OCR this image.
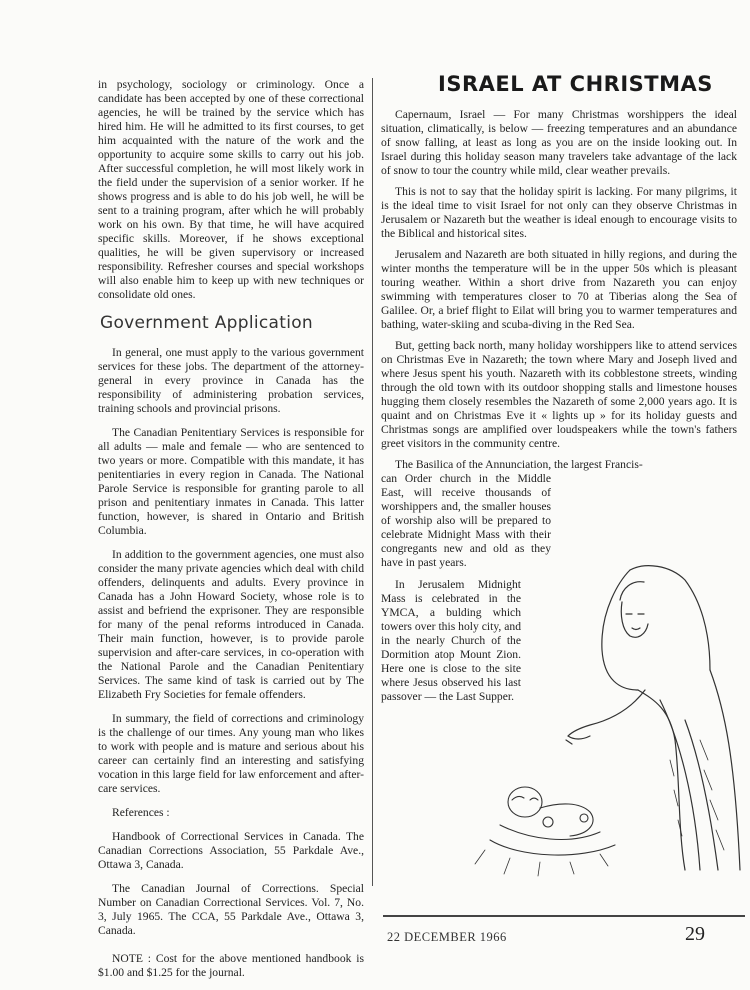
in psychology, sociology or criminology. Once a candidate has been accepted by one of these correctional agencies, he will be trained by the service which has hired him. He will he admitted to its first courses, to get him acquainted with the nature of the work and the opportunity to acquire some skills to carry out his job. After successful completion, he will most likely work in the field under the supervision of a senior worker. If he shows progress and is able to do his job well, he will be sent to a training program, after which he will probably work on his own. By that time, he will have acquired specific skills. Moreover, if he shows exceptional qualities, he will be given supervisory or increased responsibility. Refresher courses and special workshops will also enable him to keep up with new techniques or consolidate old ones.

Government Application

In general, one must apply to the various government services for these jobs. The department of the attorney-general in every province in Canada has the responsibility of administering probation services, training schools and provincial prisons.

The Canadian Penitentiary Services is responsible for all adults — male and female — who are sentenced to two years or more. Compatible with this mandate, it has penitentiaries in every region in Canada. The National Parole Service is responsible for granting parole to all prison and penitentiary inmates in Canada. This latter function, however, is shared in Ontario and British Columbia.

In addition to the government agencies, one must also consider the many private agencies which deal with child offenders, delinquents and adults. Every province in Canada has a John Howard Society, whose role is to assist and befriend the exprisoner. They are responsible for many of the penal reforms introduced in Canada. Their main function, however, is to provide parole supervision and after-care services, in co-operation with the National Parole and the Canadian Penitentiary Services. The same kind of task is carried out by The Elizabeth Fry Societies for female offenders.

In summary, the field of corrections and criminology is the challenge of our times. Any young man who likes to work with people and is mature and serious about his career can certainly find an interesting and satisfying vocation in this large field for law enforcement and after-care services.

References :

Handbook of Correctional Services in Canada. The Canadian Corrections Association, 55 Parkdale Ave., Ottawa 3, Canada.

The Canadian Journal of Corrections. Special Number on Canadian Correctional Services. Vol. 7, No. 3, July 1965. The CCA, 55 Parkdale Ave., Ottawa 3, Canada.

NOTE : Cost for the above mentioned handbook is $1.00 and $1.25 for the journal.

ISRAEL AT CHRISTMAS

Capernaum, Israel — For many Christmas worshippers the ideal situation, climatically, is below — freezing temperatures and an abundance of snow falling, at least as long as you are on the inside looking out. In Israel during this holiday season many travelers take advantage of the lack of snow to tour the country while mild, clear weather prevails.

This is not to say that the holiday spirit is lacking. For many pilgrims, it is the ideal time to visit Israel for not only can they observe Christmas in Jerusalem or Nazareth but the weather is ideal enough to encourage visits to the Biblical and historical sites.

Jerusalem and Nazareth are both situated in hilly regions, and during the winter months the temperature will be in the upper 50s which is pleasant touring weather. Within a short drive from Nazareth you can enjoy swimming with temperatures closer to 70 at Tiberias along the Sea of Galilee. Or, a brief flight to Eilat will bring you to warmer temperatures and bathing, water-skiing and scuba-diving in the Red Sea.

But, getting back north, many holiday worshippers like to attend services on Christmas Eve in Nazareth; the town where Mary and Joseph lived and where Jesus spent his youth. Nazareth with its cobblestone streets, winding through the old town with its outdoor shopping stalls and limestone houses hugging them closely resembles the Nazareth of some 2,000 years ago. It is quaint and on Christmas Eve it « lights up » for its holiday guests and Christmas songs are amplified over loudspeakers while the town's fathers greet visitors in the community centre.

The Basilica of the Annunciation, the largest Francis-

can Order church in the Middle East, will receive thousands of worshippers and, the smaller houses of worship also will be prepared to celebrate Midnight Mass with their congregants new and old as they have in past years.

In Jerusalem Midnight Mass is celebrated in the YMCA, a bulding which towers over this holy city, and in the nearly Church of the Dormition atop Mount Zion. Here one is close to the site where Jesus observed his last passover — the Last Supper.

22 DECEMBER 1966	29
